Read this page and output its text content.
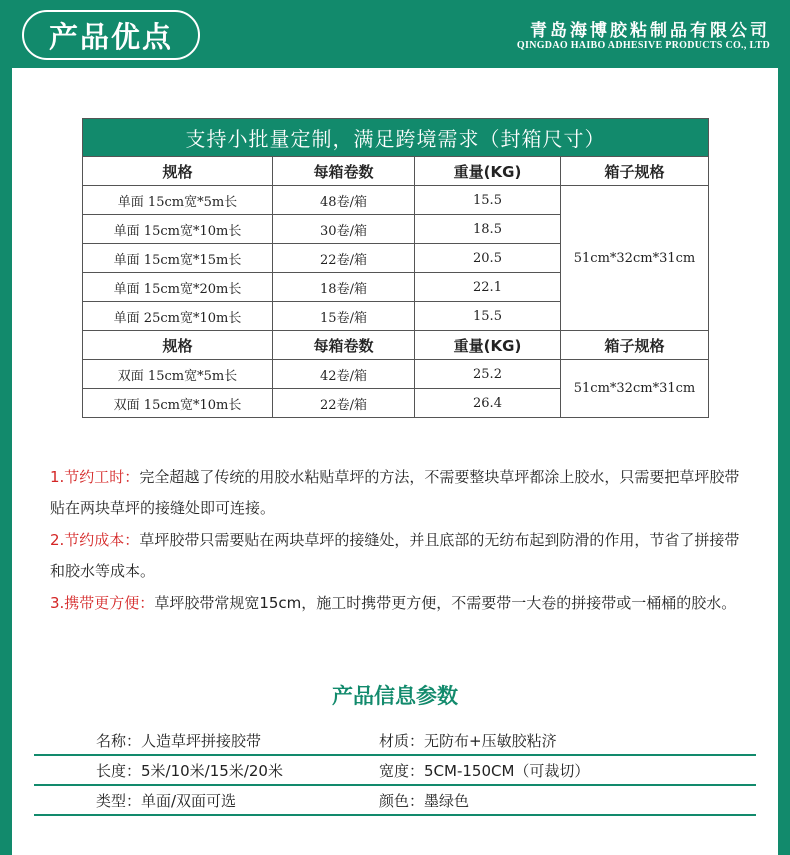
产品优点	青岛海博胶粘制品有限公司
QINGDAO HAIBO ADHESIVE PRODUCTS CO., LTD
支持小批量定制，满足跨境需求（封箱尺寸）			
规格	每箱卷数	重量(KG)	箱子规格
单面 15cm宽*5m长	48卷/箱	15.5	51cm*32cm*31cm
单面 15cm宽*10m长	30卷/箱	18.5	
单面 15cm宽*15m长	22卷/箱	20.5	
单面 15cm宽*20m长	18卷/箱	22.1	
单面 25cm宽*10m长	15卷/箱	15.5	
规格	每箱卷数	重量(KG)	箱子规格
双面 15cm宽*5m长	42卷/箱	25.2	51cm*32cm*31cm
双面 15cm宽*10m长	22卷/箱	26.4	

1.节约工时：完全超越了传统的用胶水粘贴草坪的方法，不需要整块草坪都涂上胶水，只需要把草坪胶带贴在两块草坪的接缝处即可连接。

2.节约成本：草坪胶带只需要贴在两块草坪的接缝处，并且底部的无纺布起到防滑的作用，节省了拼接带和胶水等成本。

3.携带更方便：草坪胶带常规宽15cm，施工时携带更方便，不需要带一大卷的拼接带或一桶桶的胶水。

产品信息参数
名称：人造草坪拼接胶带	材质：无防布+压敏胶粘济
长度：5米/10米/15米/20米	宽度：5CM-150CM（可裁切）
类型：单面/双面可选	颜色：墨绿色
